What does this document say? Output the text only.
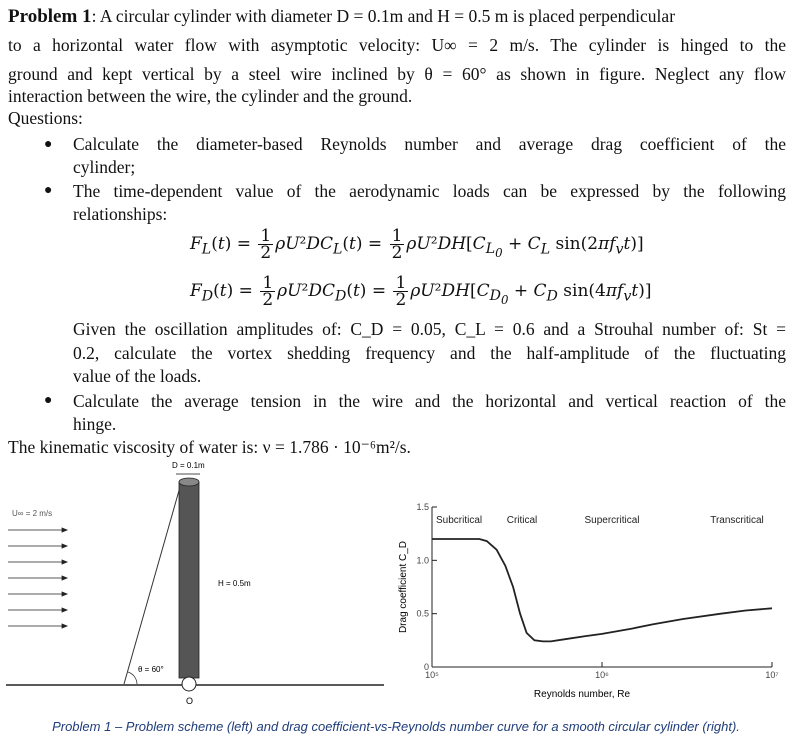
Problem 1: A circular cylinder with diameter D = 0.1m and H = 0.5 m is placed perpendicular
to a horizontal water flow with asymptotic velocity: U∞ = 2 m/s. The cylinder is hinged to the
ground and kept vertical by a steel wire inclined by θ = 60° as shown in figure. Neglect any flow
interaction between the wire, the cylinder and the ground.
Questions:
● Calculate the diameter-based Reynolds number and average drag coefficient of the
cylinder;
● The time-dependent value of the aerodynamic loads can be expressed by the following
relationships:
$F_L(t) = \frac{1}{2} \rho U^2DC_L(t) = \frac{1}{2} \rho U^2DH[C_{L_0} + C_L$ $\sin(2\pi f_vt)$]
$F_D(t) = \frac{1}{2} \rho U^2DC_D(t) = \frac{1}{2} \rho U^2DH[C_{D_0} + C_D$ $\sin(4\pi f_vt)$]
Given the oscillation amplitudes of: C_D = 0.05, C_L = 0.6 and a Strouhal number of: St =
0.2, calculate the vortex shedding frequency and the half-amplitude of the fluctuating
value of the loads.
● Calculate the average tension in the wire and the horizontal and vertical reaction of the
hinge.
The kinematic viscosity of water is: ν = 1.786 · 10⁻⁶m²/s.
D = 0.1m
U∞ = 2 m/s
H = 0.5m
θ = 60°
O
Subcritical Critical	Supercritical	Transcritical
0
0.5
1.0
1.5
10⁵	10⁶	10⁷
Drag coefficient C_D
Reynolds number, Re
Problem 1 – Problem scheme (left) and drag coefficient-vs-Reynolds number curve for a smooth circular cylinder (right).
